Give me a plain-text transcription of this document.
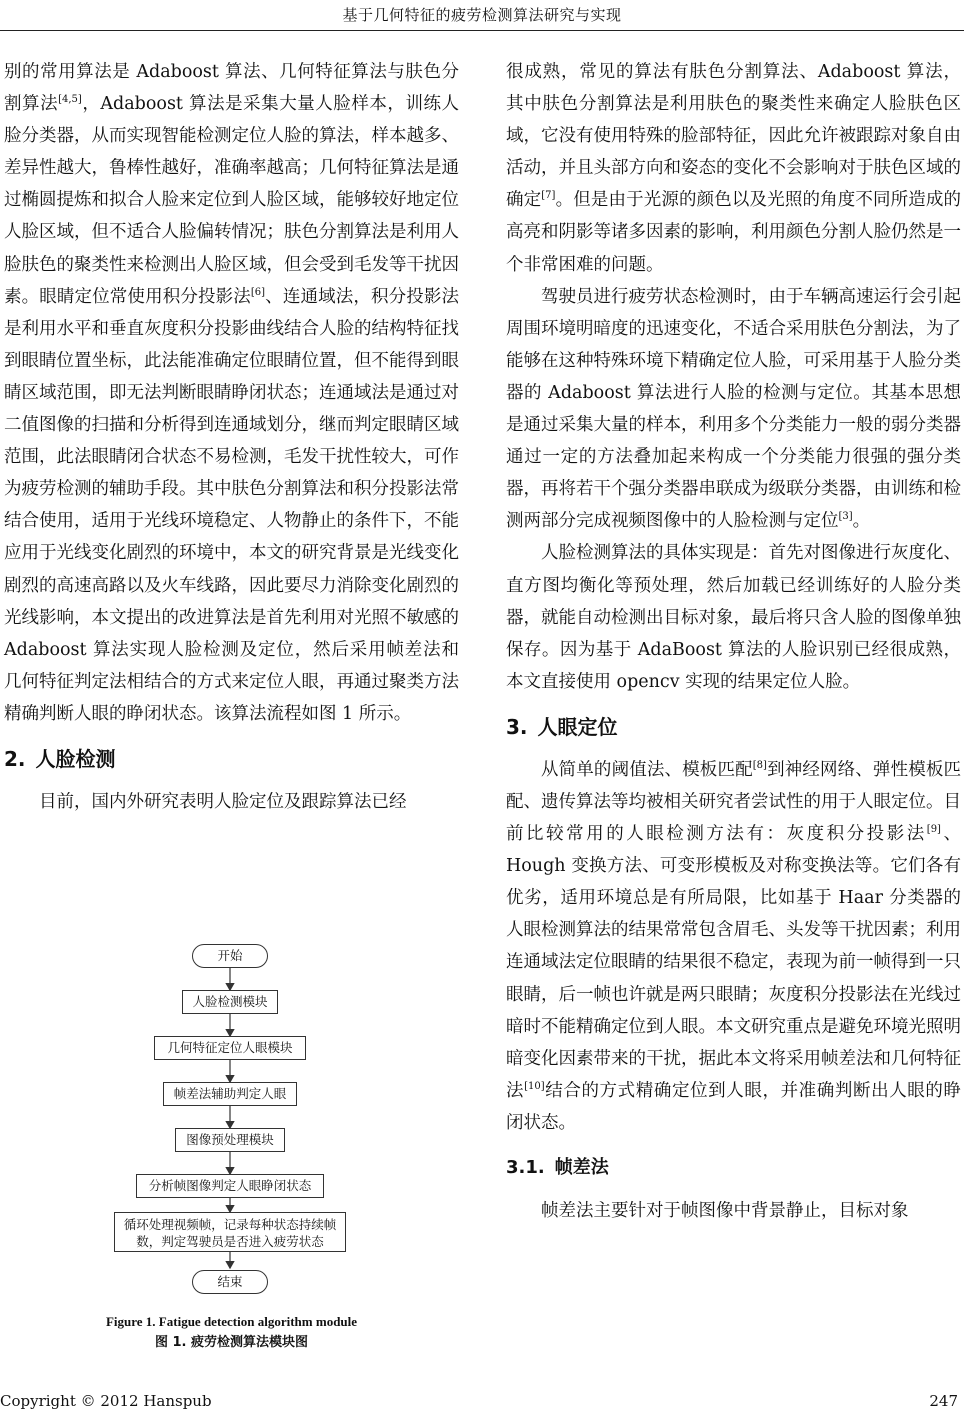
基于几何特征的疲劳检测算法研究与实现

别的常用算法是 Adaboost 算法、几何特征算法与肤色分割算法[4,5]，Adaboost 算法是采集大量人脸样本，训练人脸分类器，从而实现智能检测定位人脸的算法，样本越多、差异性越大，鲁棒性越好，准确率越高；几何特征算法是通过椭圆提炼和拟合人脸来定位到人脸区域，能够较好地定位人脸区域，但不适合人脸偏转情况；肤色分割算法是利用人脸肤色的聚类性来检测出人脸区域，但会受到毛发等干扰因素。眼睛定位常使用积分投影法[6]、连通域法，积分投影法是利用水平和垂直灰度积分投影曲线结合人脸的结构特征找到眼睛位置坐标，此法能准确定位眼睛位置，但不能得到眼睛区域范围，即无法判断眼睛睁闭状态；连通域法是通过对二值图像的扫描和分析得到连通域划分，继而判定眼睛区域范围，此法眼睛闭合状态不易检测，毛发干扰性较大，可作为疲劳检测的辅助手段。其中肤色分割算法和积分投影法常结合使用，适用于光线环境稳定、人物静止的条件下，不能应用于光线变化剧烈的环境中，本文的研究背景是光线变化剧烈的高速高路以及火车线路，因此要尽力消除变化剧烈的光线影响，本文提出的改进算法是首先利用对光照不敏感的 Adaboost 算法实现人脸检测及定位，然后采用帧差法和几何特征判定法相结合的方式来定位人眼，再通过聚类方法精确判断人眼的睁闭状态。该算法流程如图 1 所示。

2. 人脸检测

目前，国内外研究表明人脸定位及跟踪算法已经

开始
人脸检测模块
几何特征定位人眼模块
帧差法辅助判定人眼
图像预处理模块
分析帧图像判定人眼睁闭状态
循环处理视频帧，记录每种状态持续帧数，判定驾驶员是否进入疲劳状态
结束
Figure 1. Fatigue detection algorithm module
图 1. 疲劳检测算法模块图

很成熟，常见的算法有肤色分割算法、Adaboost 算法，其中肤色分割算法是利用肤色的聚类性来确定人脸肤色区域，它没有使用特殊的脸部特征，因此允许被跟踪对象自由活动，并且头部方向和姿态的变化不会影响对于肤色区域的确定[7]。但是由于光源的颜色以及光照的角度不同所造成的高亮和阴影等诸多因素的影响，利用颜色分割人脸仍然是一个非常困难的问题。

驾驶员进行疲劳状态检测时，由于车辆高速运行会引起周围环境明暗度的迅速变化，不适合采用肤色分割法，为了能够在这种特殊环境下精确定位人脸，可采用基于人脸分类器的 Adaboost 算法进行人脸的检测与定位。其基本思想是通过采集大量的样本，利用多个分类能力一般的弱分类器通过一定的方法叠加起来构成一个分类能力很强的强分类器，再将若干个强分类器串联成为级联分类器，由训练和检测两部分完成视频图像中的人脸检测与定位[3]。

人脸检测算法的具体实现是：首先对图像进行灰度化、直方图均衡化等预处理，然后加载已经训练好的人脸分类器，就能自动检测出目标对象，最后将只含人脸的图像单独保存。因为基于 AdaBoost 算法的人脸识别已经很成熟，本文直接使用 opencv 实现的结果定位人脸。

3. 人眼定位

从简单的阈值法、模板匹配[8]到神经网络、弹性模板匹配、遗传算法等均被相关研究者尝试性的用于人眼定位。目前比较常用的人眼检测方法有：灰度积分投影法[9]、Hough 变换方法、可变形模板及对称变换法等。它们各有优劣，适用环境总是有所局限，比如基于 Haar 分类器的人眼检测算法的结果常常包含眉毛、头发等干扰因素；利用连通域法定位眼睛的结果很不稳定，表现为前一帧得到一只眼睛，后一帧也许就是两只眼睛；灰度积分投影法在光线过暗时不能精确定位到人眼。本文研究重点是避免环境光照明暗变化因素带来的干扰，据此本文将采用帧差法和几何特征法[10]结合的方式精确定位到人眼，并准确判断出人眼的睁闭状态。

3.1. 帧差法

帧差法主要针对于帧图像中背景静止，目标对象

Copyright © 2012 Hanspub	247
